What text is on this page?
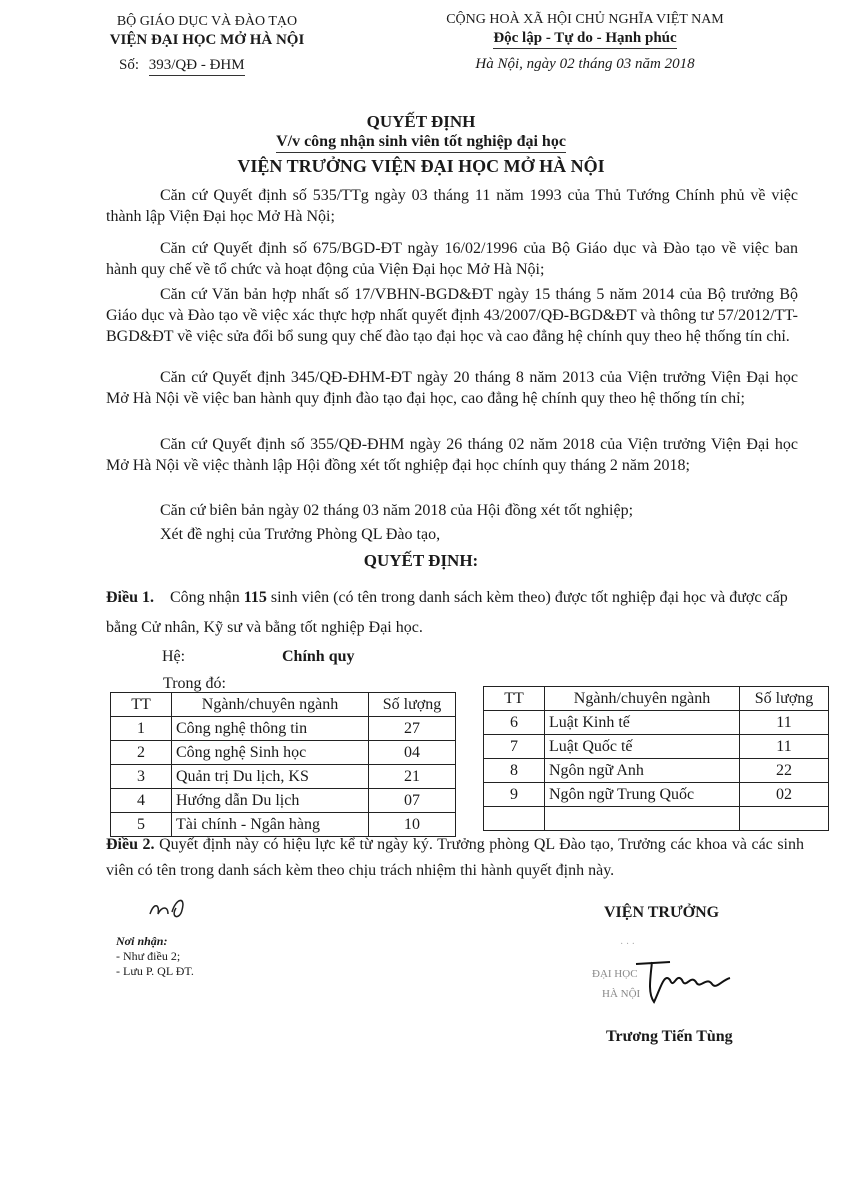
BỘ GIÁO DỤC VÀ ĐÀO TẠO
VIỆN ĐẠI HỌC MỞ HÀ NỘI
Số: 393/QĐ - ĐHM
CỘNG HOÀ XÃ HỘI CHỦ NGHĨA VIỆT NAM
Độc lập - Tự do - Hạnh phúc
Hà Nội, ngày 02 tháng 03 năm 2018
QUYẾT ĐỊNH
V/v công nhận sinh viên tốt nghiệp đại học
VIỆN TRƯỞNG VIỆN ĐẠI HỌC MỞ HÀ NỘI
Căn cứ Quyết định số 535/TTg ngày 03 tháng 11 năm 1993 của Thủ Tướng Chính phủ về việc thành lập Viện Đại học Mở Hà Nội;
Căn cứ Quyết định số 675/BGD-ĐT ngày 16/02/1996 của Bộ Giáo dục và Đào tạo về việc ban hành quy chế về tổ chức và hoạt động của Viện Đại học Mở Hà Nội;
Căn cứ Văn bản hợp nhất số 17/VBHN-BGD&ĐT ngày 15 tháng 5 năm 2014 của Bộ trưởng Bộ Giáo dục và Đào tạo về việc xác thực hợp nhất quyết định 43/2007/QĐ-BGD&ĐT và thông tư 57/2012/TT-BGD&ĐT về việc sửa đổi bổ sung quy chế đào tạo đại học và cao đẳng hệ chính quy theo hệ thống tín chỉ.
Căn cứ Quyết định 345/QĐ-ĐHM-ĐT ngày 20 tháng 8 năm 2013 của Viện trưởng Viện Đại học Mở Hà Nội về việc ban hành quy định đào tạo đại học, cao đẳng hệ chính quy theo hệ thống tín chỉ;
Căn cứ Quyết định số 355/QĐ-ĐHM ngày 26 tháng 02 năm 2018 của Viện trưởng Viện Đại học Mở Hà Nội về việc thành lập Hội đồng xét tốt nghiệp đại học chính quy tháng 2 năm 2018;
Căn cứ biên bản ngày 02 tháng 03 năm 2018 của Hội đồng xét tốt nghiệp;
Xét đề nghị của Trưởng Phòng QL Đào tạo,
QUYẾT ĐỊNH:
Điều 1. Công nhận 115 sinh viên (có tên trong danh sách kèm theo) được tốt nghiệp đại học và được cấp bằng Cử nhân, Kỹ sư và bằng tốt nghiệp Đại học.
Hệ:	Chính quy
Trong đó:
TT	Ngành/chuyên ngành	Số lượng
1	Công nghệ thông tin	27
2	Công nghệ Sinh học	04
3	Quản trị Du lịch, KS	21
4	Hướng dẫn Du lịch	07
5	Tài chính - Ngân hàng	10
TT	Ngành/chuyên ngành	Số lượng
6	Luật Kinh tế	11
7	Luật Quốc tế	11
8	Ngôn ngữ Anh	22
9	Ngôn ngữ Trung Quốc	02

Điều 2. Quyết định này có hiệu lực kể từ ngày ký. Trưởng phòng QL Đào tạo, Trưởng các khoa và các sinh viên có tên trong danh sách kèm theo chịu trách nhiệm thi hành quyết định này.
Nơi nhận:
- Như điều 2;
- Lưu P. QL ĐT.
VIỆN TRƯỞNG
ĐẠI HỌC
HÀ NỘI
· · ·
Trương Tiến Tùng
